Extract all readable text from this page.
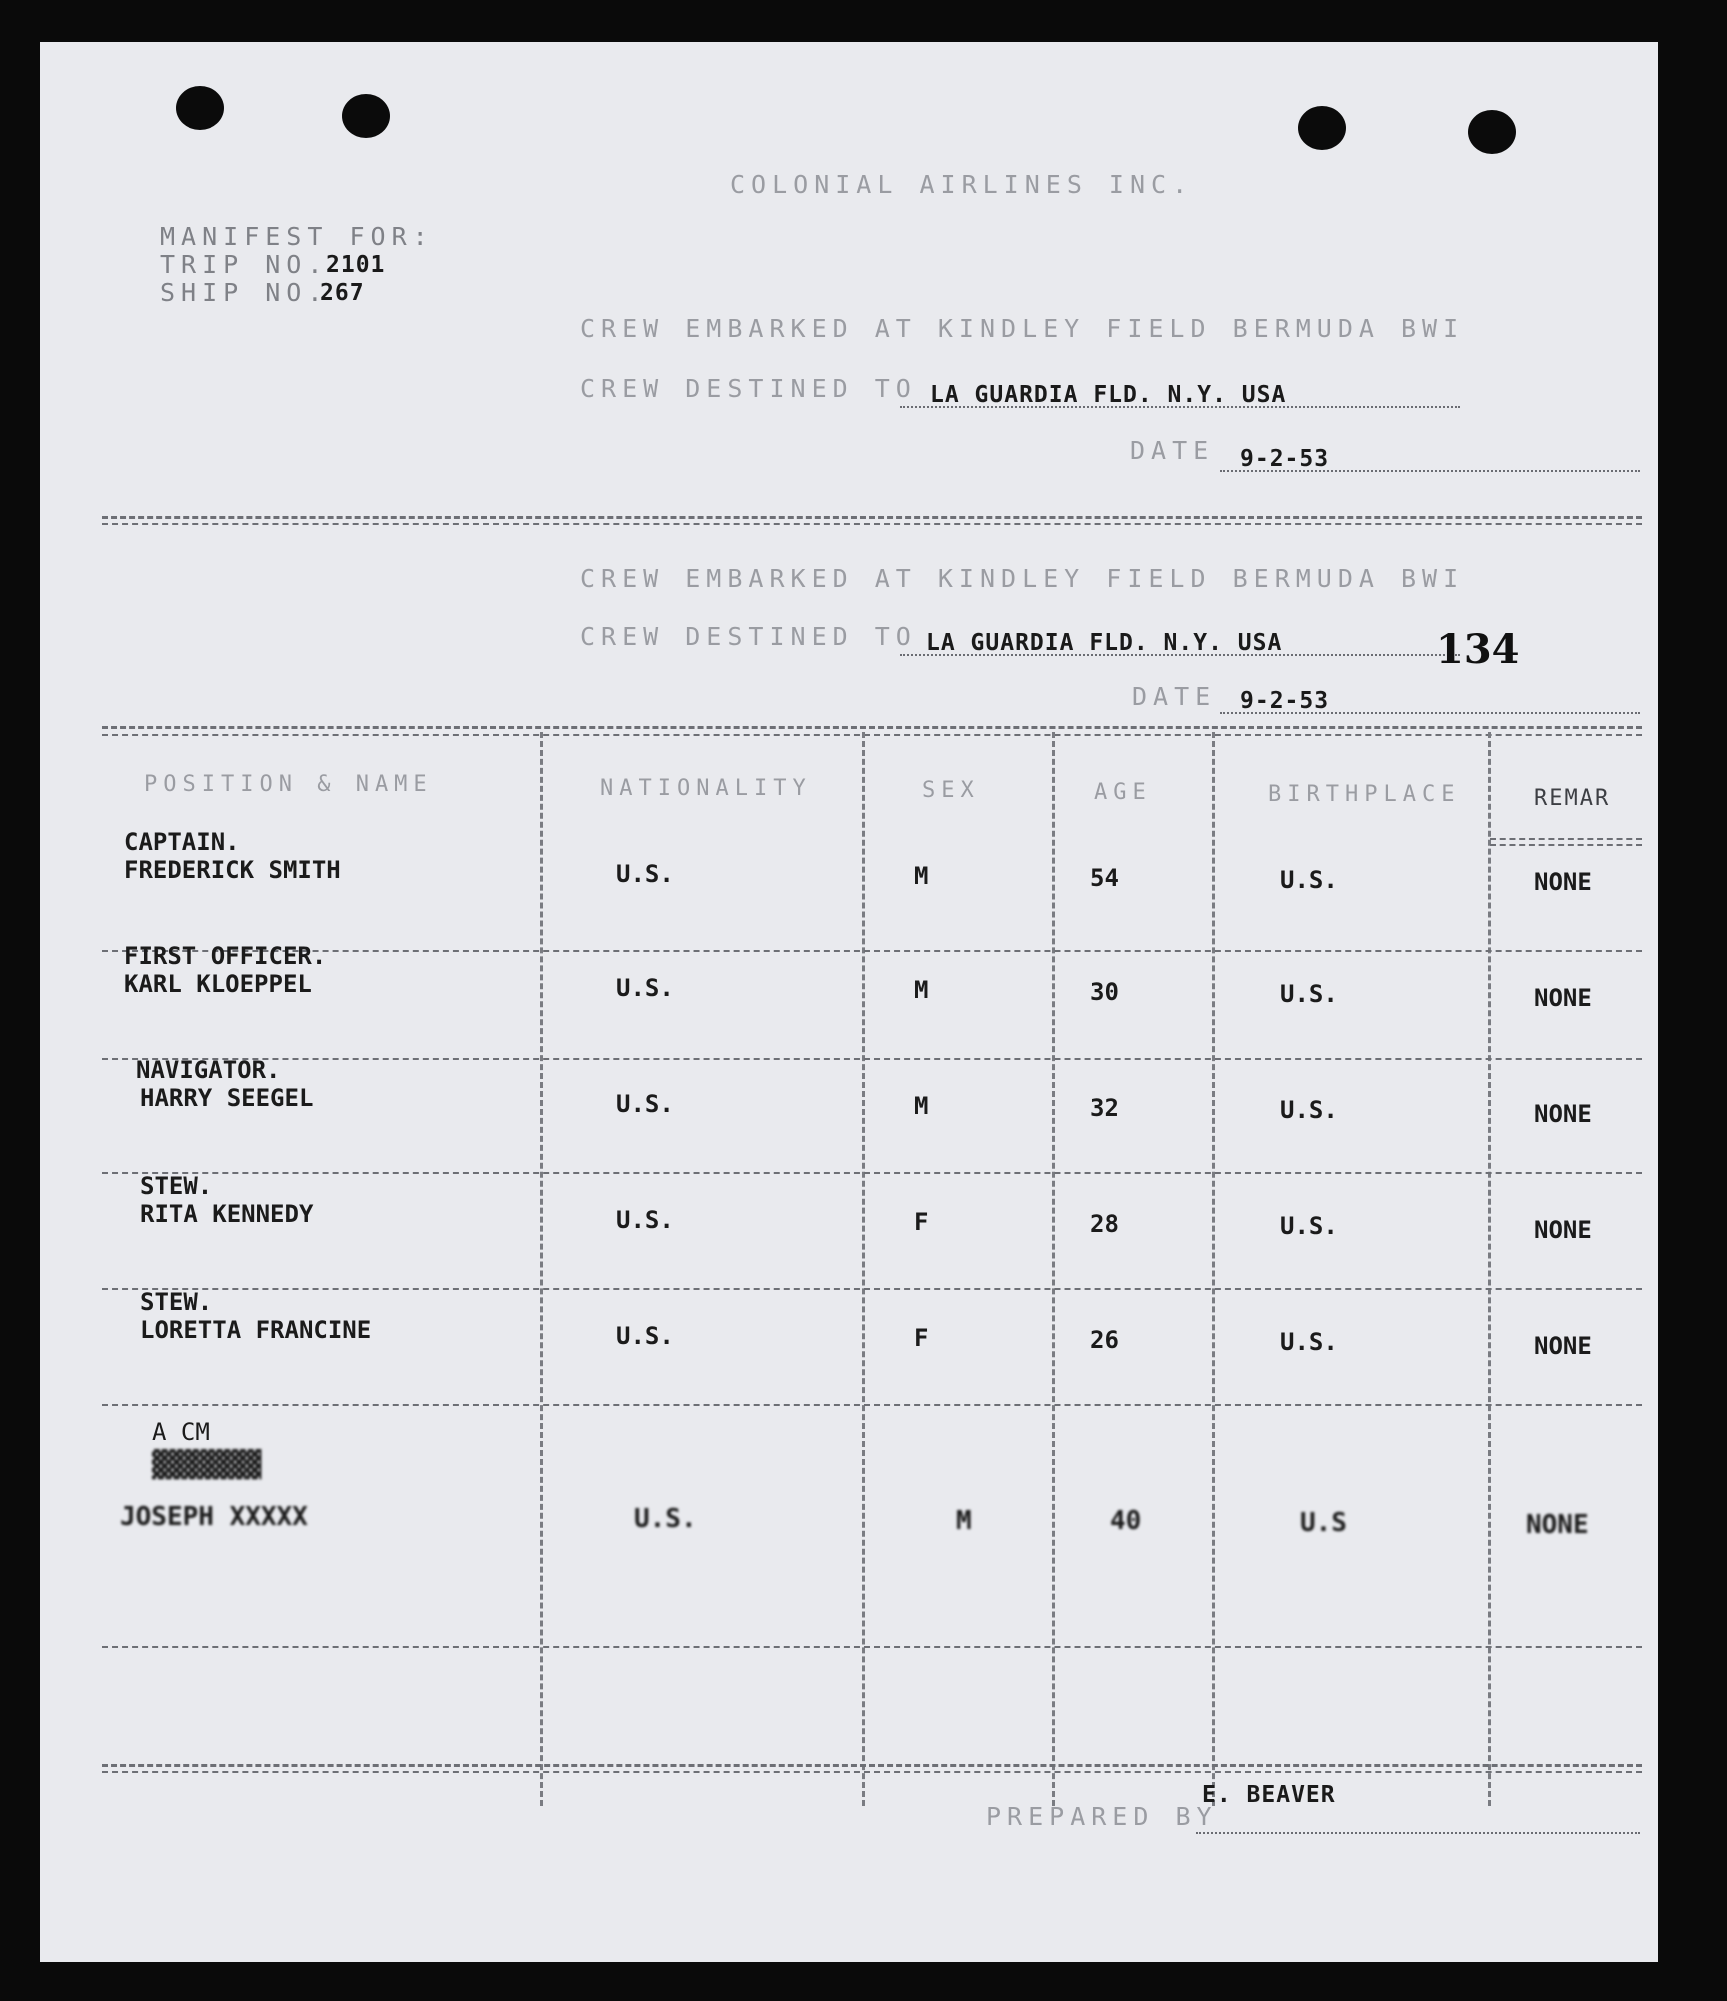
COLONIAL AIRLINES INC.
MANIFEST FOR:
TRIP NO.
2101
SHIP NO.
267
CREW EMBARKED AT KINDLEY FIELD BERMUDA BWI
CREW DESTINED TO LA GUARDIA FLD. N.Y. USA
DATE 9-2-53
CREW EMBARKED AT KINDLEY FIELD BERMUDA BWI
CREW DESTINED TO LA GUARDIA FLD. N.Y. USA	134
DATE 9-2-53
POSITION & NAME	NATIONALITY	SEX	AGE	BIRTHPLACE	REMAR
CAPTAIN.
FREDERICK SMITH	U.S.	M	54	U.S.	NONE
FIRST OFFICER.
KARL KLOEPPEL	U.S.	M	30	U.S.	NONE
NAVIGATOR.
HARRY SEEGEL	U.S.	M	32	U.S.	NONE
STEW.
RITA KENNEDY	U.S.	F	28	U.S.	NONE
STEW.
LORETTA FRANCINE	U.S.	F	26	U.S.	NONE
A CM
▓▓▓▓▓▓▓
JOSEPH XXXXX	U.S.	M	40	U.S	NONE
PREPARED BY
E. BEAVER
